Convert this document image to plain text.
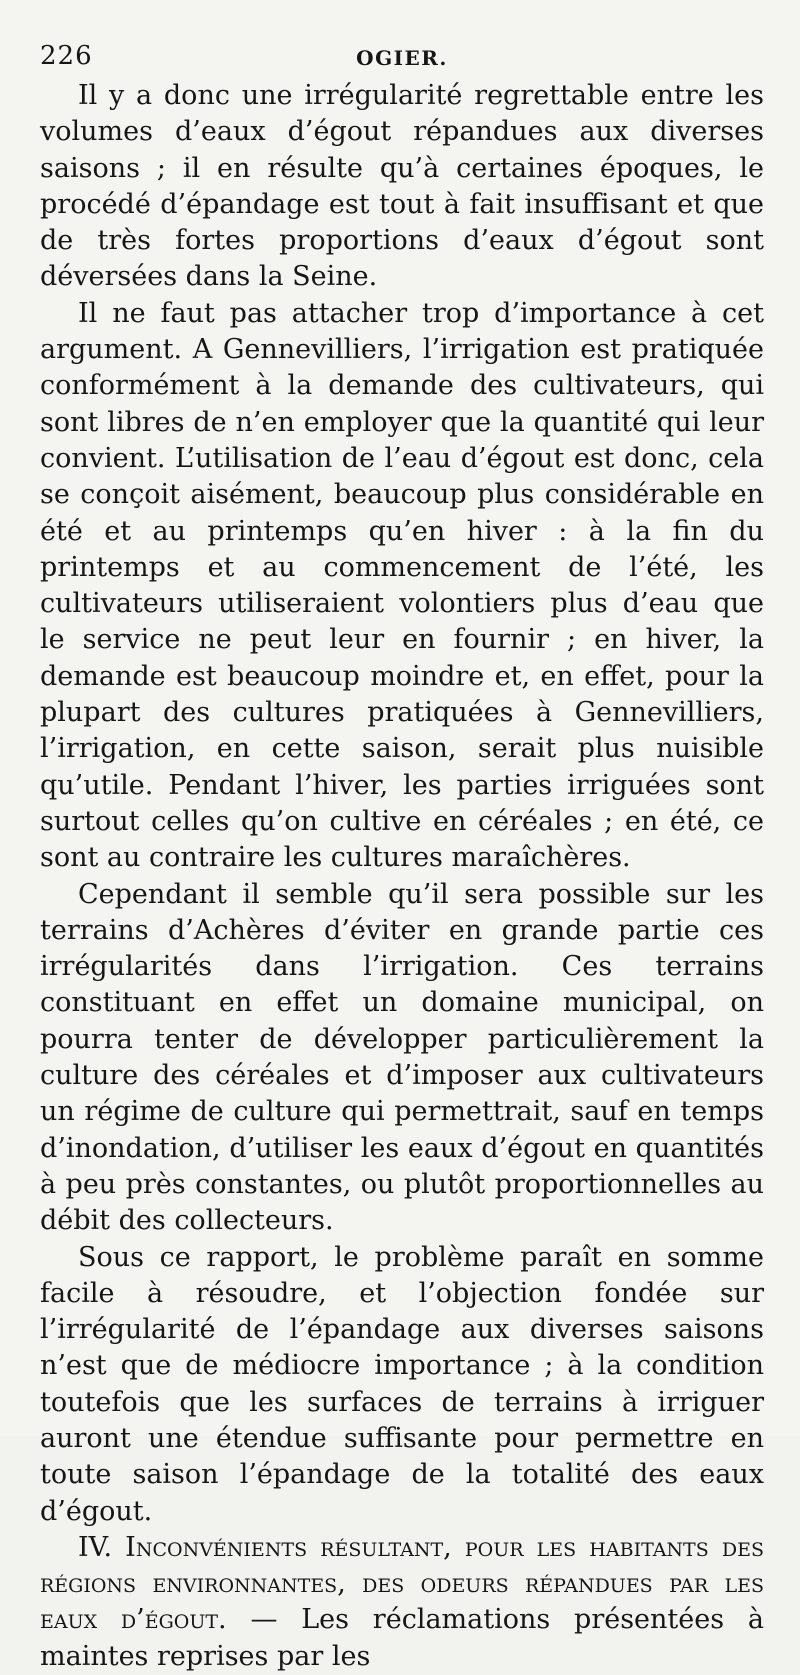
226	OGIER.

Il y a donc une irrégularité regrettable entre les volumes d’eaux d’égout répandues aux diverses saisons ; il en résulte qu’à certaines époques, le procédé d’épandage est tout à fait insuffisant et que de très fortes proportions d’eaux d’égout sont déversées dans la Seine.

Il ne faut pas attacher trop d’importance à cet argument. A Gennevilliers, l’irrigation est pratiquée conformément à la demande des cultivateurs, qui sont libres de n’en employer que la quantité qui leur convient. L’utilisation de l’eau d’égout est donc, cela se conçoit aisément, beaucoup plus considérable en été et au printemps qu’en hiver : à la fin du printemps et au commencement de l’été, les cultivateurs utiliseraient volontiers plus d’eau que le service ne peut leur en fournir ; en hiver, la demande est beaucoup moindre et, en effet, pour la plupart des cultures pratiquées à Gennevilliers, l’irrigation, en cette saison, serait plus nuisible qu’utile. Pendant l’hiver, les parties irriguées sont surtout celles qu’on cultive en céréales ; en été, ce sont au contraire les cultures maraîchères.

Cependant il semble qu’il sera possible sur les terrains d’Achères d’éviter en grande partie ces irrégularités dans l’irrigation. Ces terrains constituant en effet un domaine municipal, on pourra tenter de développer particulièrement la culture des céréales et d’imposer aux cultivateurs un régime de culture qui permettrait, sauf en temps d’inondation, d’utiliser les eaux d’égout en quantités à peu près constantes, ou plutôt proportionnelles au débit des collecteurs.

Sous ce rapport, le problème paraît en somme facile à résoudre, et l’objection fondée sur l’irrégularité de l’épandage aux diverses saisons n’est que de médiocre importance ; à la condition toutefois que les surfaces de terrains à irriguer auront une étendue suffisante pour permettre en toute saison l’épandage de la totalité des eaux d’égout.

IV. Inconvénients résultant, pour les habitants des régions environnantes, des odeurs répandues par les eaux d’égout. — Les réclamations présentées à maintes reprises par les
